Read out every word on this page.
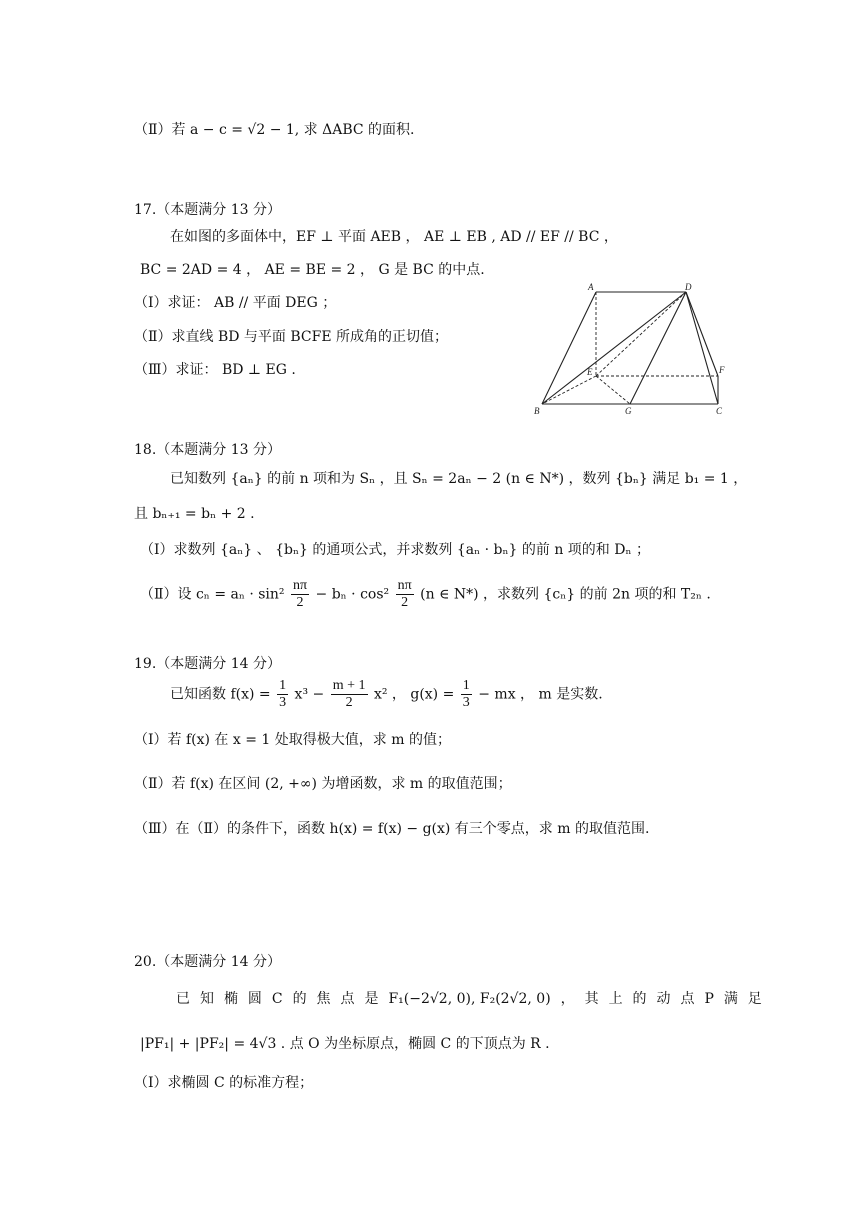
（Ⅱ）若 a − c = √2 − 1, 求 ΔABC 的面积.
17.（本题满分 13 分）
在如图的多面体中，EF ⊥ 平面 AEB ， AE ⊥ EB , AD // EF // BC ，
BC = 2AD = 4 ， AE = BE = 2 ， G 是 BC 的中点.
（Ⅰ）求证： AB // 平面 DEG ；
（Ⅱ）求直线 BD 与平面 BCFE 所成角的正切值；
（Ⅲ）求证： BD ⊥ EG .
A	D
E	F
B	G	C
18.（本题满分 13 分）
已知数列 {aₙ} 的前 n 项和为 Sₙ ，且 Sₙ = 2aₙ − 2 (n ∈ N*) ，数列 {bₙ} 满足 b₁ = 1 ，
且 bₙ₊₁ = bₙ + 2 .
（Ⅰ）求数列 {aₙ} 、 {bₙ} 的通项公式，并求数列 {aₙ · bₙ} 的前 n 项的和 Dₙ ；
（Ⅱ）设 $c_n = a_n \cdot \sin^2 \frac{n\pi}{2} - b_n \cdot \cos^2 \frac{n\pi}{2} (n$ ∈ N*) ，求数列 {cₙ} 的前 2n 项的和 T₂ₙ .
19.（本题满分 14 分）
已知函数 $f(x) = \frac{1}{3} x^3 - \frac{m + 1}{2} x^2$ ， $g(x) = \frac{1}{3}$ − mx ， m 是实数.
（Ⅰ）若 f(x) 在 x = 1 处取得极大值，求 m 的值；
（Ⅱ）若 f(x) 在区间 (2, +∞) 为增函数，求 m 的取值范围；
（Ⅲ）在（Ⅱ）的条件下，函数 h(x) = f(x) − g(x) 有三个零点，求 m 的取值范围.
20.（本题满分 14 分）
已 知 椭 圆 C 的 焦 点 是 F₁(−2√2, 0), F₂(2√2, 0) ， 其 上 的 动 点 P 满 足
|PF₁| + |PF₂| = 4√3 . 点 O 为坐标原点，椭圆 C 的下顶点为 R .
（Ⅰ）求椭圆 C 的标准方程；
